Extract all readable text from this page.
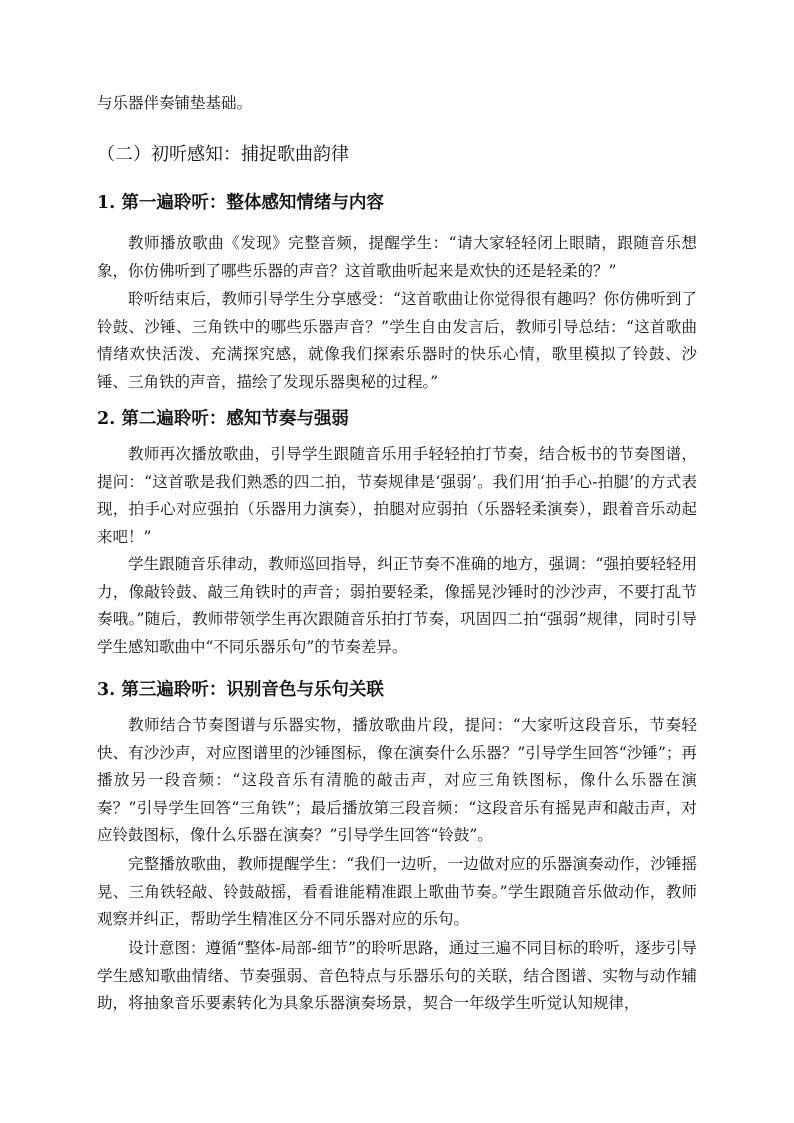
与乐器伴奏铺垫基础。

（二）初听感知：捕捉歌曲韵律
1. 第一遍聆听：整体感知情绪与内容

教师播放歌曲《发现》完整音频，提醒学生：“请大家轻轻闭上眼睛，跟随音乐想象，你仿佛听到了哪些乐器的声音？这首歌曲听起来是欢快的还是轻柔的？”

聆听结束后，教师引导学生分享感受：“这首歌曲让你觉得很有趣吗？你仿佛听到了铃鼓、沙锤、三角铁中的哪些乐器声音？”学生自由发言后，教师引导总结：“这首歌曲情绪欢快活泼、充满探究感，就像我们探索乐器时的快乐心情，歌里模拟了铃鼓、沙锤、三角铁的声音，描绘了发现乐器奥秘的过程。”

2. 第二遍聆听：感知节奏与强弱

教师再次播放歌曲，引导学生跟随音乐用手轻轻拍打节奏，结合板书的节奏图谱，提问：“这首歌是我们熟悉的四二拍，节奏规律是‘强弱’。我们用‘拍手心-拍腿’的方式表现，拍手心对应强拍（乐器用力演奏），拍腿对应弱拍（乐器轻柔演奏），跟着音乐动起来吧！”

学生跟随音乐律动，教师巡回指导，纠正节奏不准确的地方，强调：“强拍要轻轻用力，像敲铃鼓、敲三角铁时的声音；弱拍要轻柔，像摇晃沙锤时的沙沙声，不要打乱节奏哦。”随后，教师带领学生再次跟随音乐拍打节奏，巩固四二拍“强弱”规律，同时引导学生感知歌曲中“不同乐器乐句”的节奏差异。

3. 第三遍聆听：识别音色与乐句关联

教师结合节奏图谱与乐器实物，播放歌曲片段，提问：“大家听这段音乐，节奏轻快、有沙沙声，对应图谱里的沙锤图标，像在演奏什么乐器？”引导学生回答“沙锤”；再播放另一段音频：“这段音乐有清脆的敲击声，对应三角铁图标，像什么乐器在演奏？”引导学生回答“三角铁”；最后播放第三段音频：“这段音乐有摇晃声和敲击声，对应铃鼓图标，像什么乐器在演奏？”引导学生回答“铃鼓”。

完整播放歌曲，教师提醒学生：“我们一边听，一边做对应的乐器演奏动作，沙锤摇晃、三角铁轻敲、铃鼓敲摇，看看谁能精准跟上歌曲节奏。”学生跟随音乐做动作，教师观察并纠正，帮助学生精准区分不同乐器对应的乐句。

设计意图：遵循“整体-局部-细节”的聆听思路，通过三遍不同目标的聆听，逐步引导学生感知歌曲情绪、节奏强弱、音色特点与乐器乐句的关联，结合图谱、实物与动作辅助，将抽象音乐要素转化为具象乐器演奏场景，契合一年级学生听觉认知规律，
